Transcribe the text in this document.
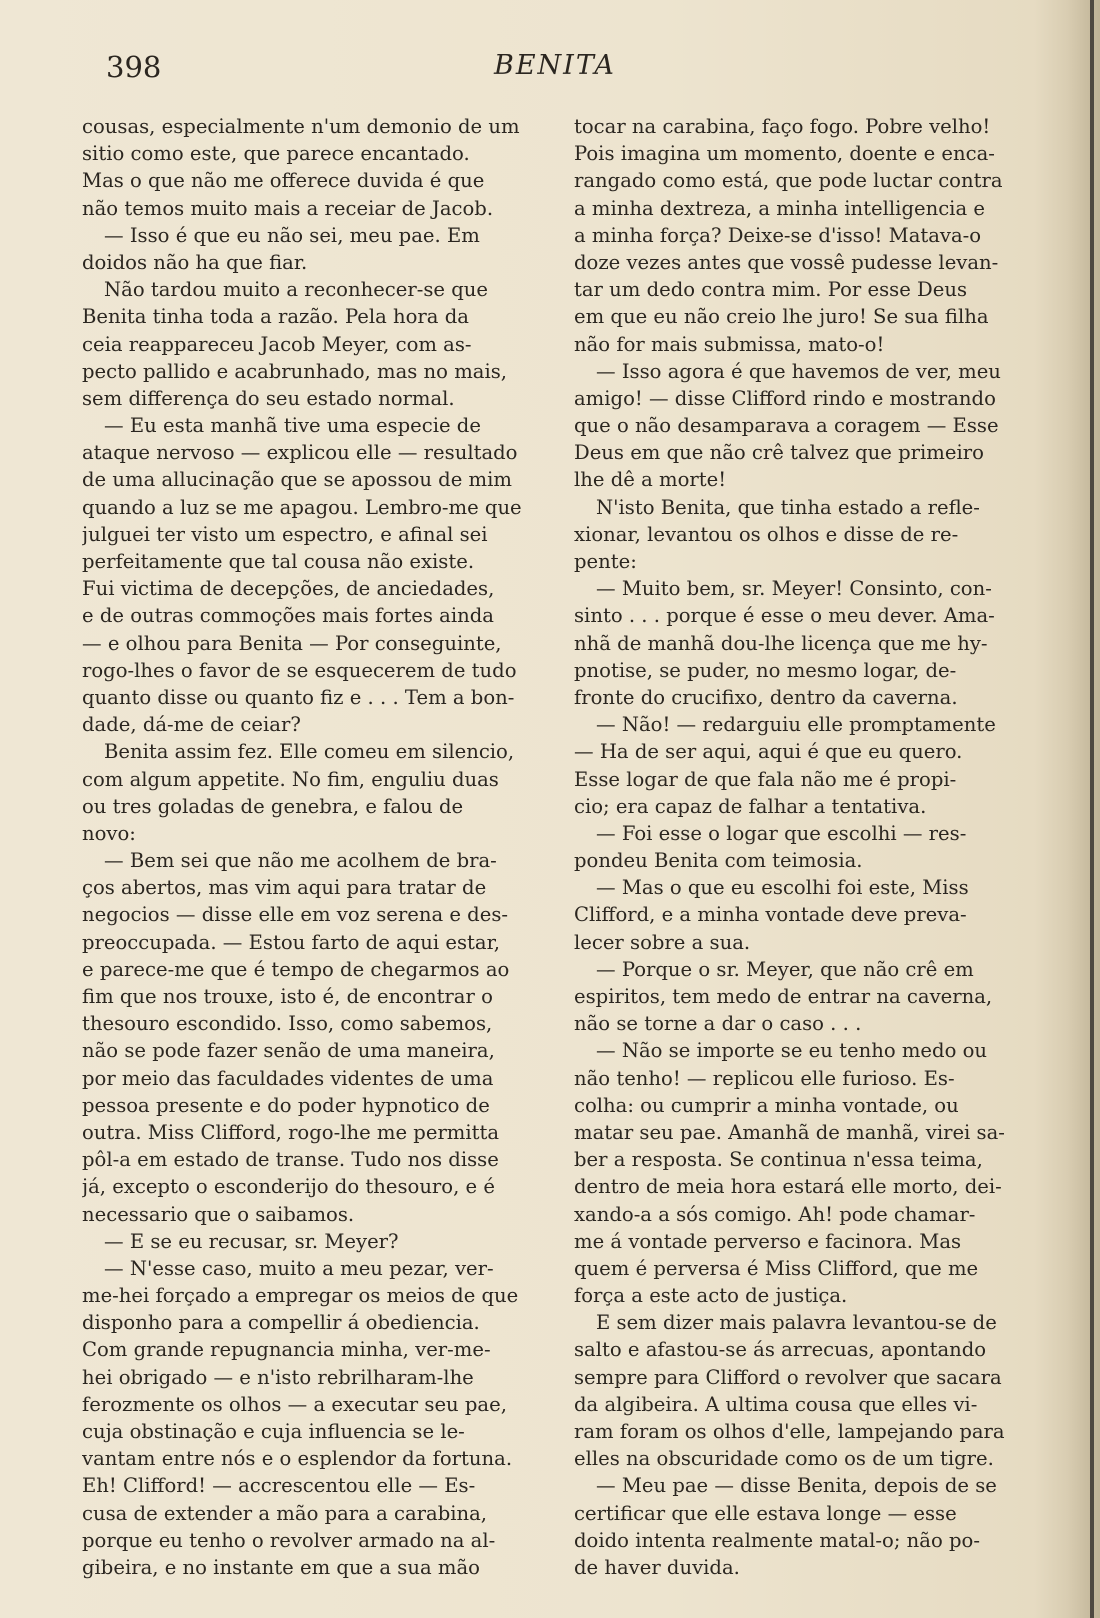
398	BENITA
cousas, especialmente n'um demonio de um
sitio como este, que parece encantado.
Mas o que não me offerece duvida é que
não temos muito mais a receiar de Jacob.
— Isso é que eu não sei, meu pae. Em
doidos não ha que fiar.
Não tardou muito a reconhecer-se que
Benita tinha toda a razão. Pela hora da
ceia reappareceu Jacob Meyer, com as-
pecto pallido e acabrunhado, mas no mais,
sem differença do seu estado normal.
— Eu esta manhã tive uma especie de
ataque nervoso — explicou elle — resultado
de uma allucinação que se apossou de mim
quando a luz se me apagou. Lembro-me que
julguei ter visto um espectro, e afinal sei
perfeitamente que tal cousa não existe.
Fui victima de decepções, de anciedades,
e de outras commoções mais fortes ainda
— e olhou para Benita — Por conseguinte,
rogo-lhes o favor de se esquecerem de tudo
quanto disse ou quanto fiz e . . . Tem a bon-
dade, dá-me de ceiar?
Benita assim fez. Elle comeu em silencio,
com algum appetite. No fim, enguliu duas
ou tres goladas de genebra, e falou de
novo:
— Bem sei que não me acolhem de bra-
ços abertos, mas vim aqui para tratar de
negocios — disse elle em voz serena e des-
preoccupada. — Estou farto de aqui estar,
e parece-me que é tempo de chegarmos ao
fim que nos trouxe, isto é, de encontrar o
thesouro escondido. Isso, como sabemos,
não se pode fazer senão de uma maneira,
por meio das faculdades videntes de uma
pessoa presente e do poder hypnotico de
outra. Miss Clifford, rogo-lhe me permitta
pôl-a em estado de transe. Tudo nos disse
já, excepto o esconderijo do thesouro, e é
necessario que o saibamos.
— E se eu recusar, sr. Meyer?
— N'esse caso, muito a meu pezar, ver-
me-hei forçado a empregar os meios de que
disponho para a compellir á obediencia.
Com grande repugnancia minha, ver-me-
hei obrigado — e n'isto rebrilharam-lhe
ferozmente os olhos — a executar seu pae,
cuja obstinação e cuja influencia se le-
vantam entre nós e o esplendor da fortuna.
Eh! Clifford! — accrescentou elle — Es-
cusa de extender a mão para a carabina,
porque eu tenho o revolver armado na al-
gibeira, e no instante em que a sua mão
tocar na carabina, faço fogo. Pobre velho!
Pois imagina um momento, doente e enca-
rangado como está, que pode luctar contra
a minha dextreza, a minha intelligencia e
a minha força? Deixe-se d'isso! Matava-o
doze vezes antes que vossê pudesse levan-
tar um dedo contra mim. Por esse Deus
em que eu não creio lhe juro! Se sua filha
não for mais submissa, mato-o!
— Isso agora é que havemos de ver, meu
amigo! — disse Clifford rindo e mostrando
que o não desamparava a coragem — Esse
Deus em que não crê talvez que primeiro
lhe dê a morte!
N'isto Benita, que tinha estado a refle-
xionar, levantou os olhos e disse de re-
pente:
— Muito bem, sr. Meyer! Consinto, con-
sinto . . . porque é esse o meu dever. Ama-
nhã de manhã dou-lhe licença que me hy-
pnotise, se puder, no mesmo logar, de-
fronte do crucifixo, dentro da caverna.
— Não! — redarguiu elle promptamente
— Ha de ser aqui, aqui é que eu quero.
Esse logar de que fala não me é propi-
cio; era capaz de falhar a tentativa.
— Foi esse o logar que escolhi — res-
pondeu Benita com teimosia.
— Mas o que eu escolhi foi este, Miss
Clifford, e a minha vontade deve preva-
lecer sobre a sua.
— Porque o sr. Meyer, que não crê em
espiritos, tem medo de entrar na caverna,
não se torne a dar o caso . . .
— Não se importe se eu tenho medo ou
não tenho! — replicou elle furioso. Es-
colha: ou cumprir a minha vontade, ou
matar seu pae. Amanhã de manhã, virei sa-
ber a resposta. Se continua n'essa teima,
dentro de meia hora estará elle morto, dei-
xando-a a sós comigo. Ah! pode chamar-
me á vontade perverso e facinora. Mas
quem é perversa é Miss Clifford, que me
força a este acto de justiça.
E sem dizer mais palavra levantou-se de
salto e afastou-se ás arrecuas, apontando
sempre para Clifford o revolver que sacara
da algibeira. A ultima cousa que elles vi-
ram foram os olhos d'elle, lampejando para
elles na obscuridade como os de um tigre.
— Meu pae — disse Benita, depois de se
certificar que elle estava longe — esse
doido intenta realmente matal-o; não po-
de haver duvida.
